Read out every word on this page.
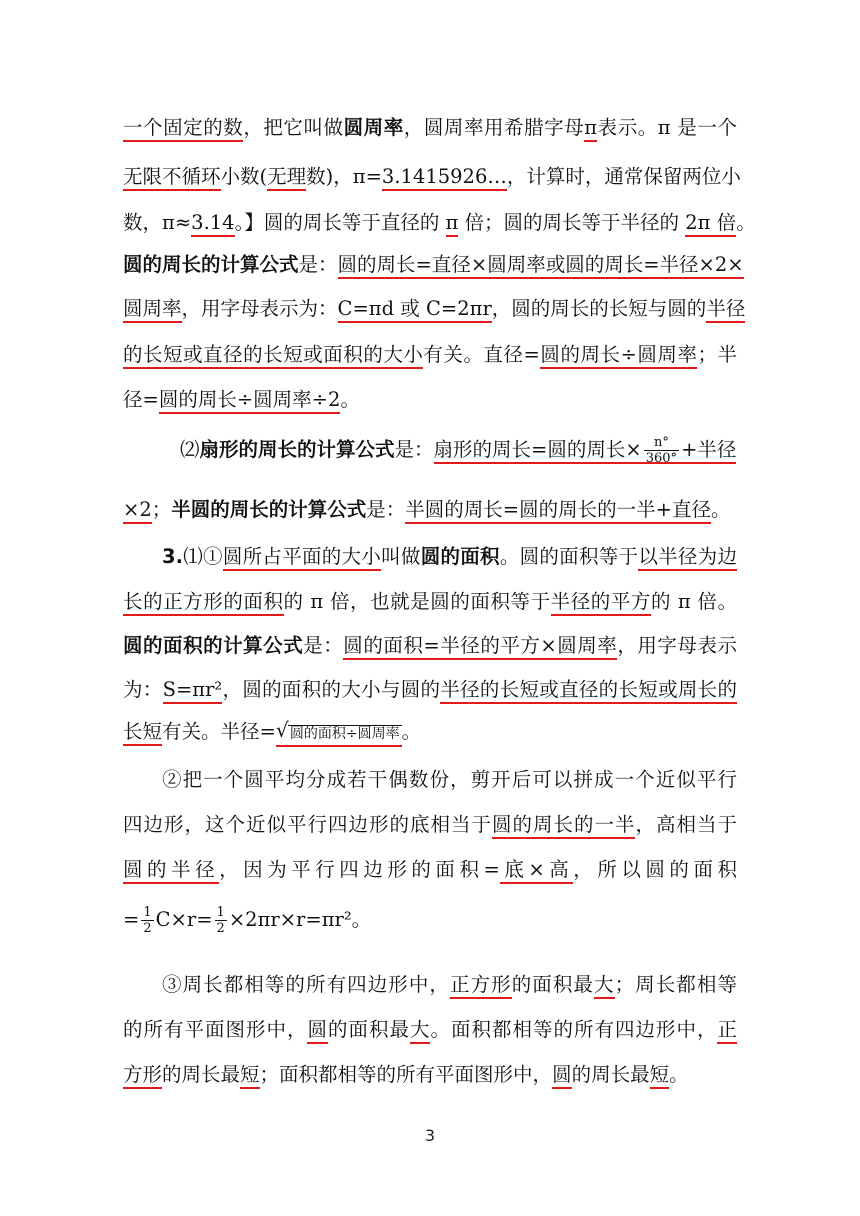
一个固定的数，把它叫做圆周率，圆周率用希腊字母π表示。π 是一个
无限不循环小数(无理数)，π=3.1415926…，计算时，通常保留两位小
数，π≈3.14。】圆的周长等于直径的 π 倍；圆的周长等于半径的 2π 倍。
圆的周长的计算公式是：圆的周长=直径×圆周率或圆的周长=半径×2×
圆周率，用字母表示为：C=πd 或 C=2πr，圆的周长的长短与圆的半径
的长短或直径的长短或面积的大小有关。直径=圆的周长÷圆周率；半
径=圆的周长÷圆周率÷2。
⑵扇形的周长的计算公式是：扇形的周长=圆的周长× $\frac{n^\circ}{360^\circ}$ +半径
×2；半圆的周长的计算公式是：半圆的周长=圆的周长的一半+直径。
3.⑴①圆所占平面的大小叫做圆的面积。圆的面积等于以半径为边
长的正方形的面积的 π 倍，也就是圆的面积等于半径的平方的 π 倍。
圆的面积的计算公式是：圆的面积=半径的平方×圆周率，用字母表示
为：S=πr²，圆的面积的大小与圆的半径的长短或直径的长短或周长的
长短有关。半径= √ 圆的面积÷圆周率 。
②把一个圆平均分成若干偶数份，剪开后可以拼成一个近似平行
四边形，这个近似平行四边形的底相当于圆的周长的一半，高相当于
圆的半径，因为平行四边形的面积=底×高，所以圆的面积
= $\frac{1}{2} C\times r= \frac{1}{2} \times 2\pi r\times r=\pi r^2$。
③周长都相等的所有四边形中，正方形的面积最大；周长都相等
的所有平面图形中，圆的面积最大。面积都相等的所有四边形中，正
方形的周长最短；面积都相等的所有平面图形中，圆的周长最短。
3
